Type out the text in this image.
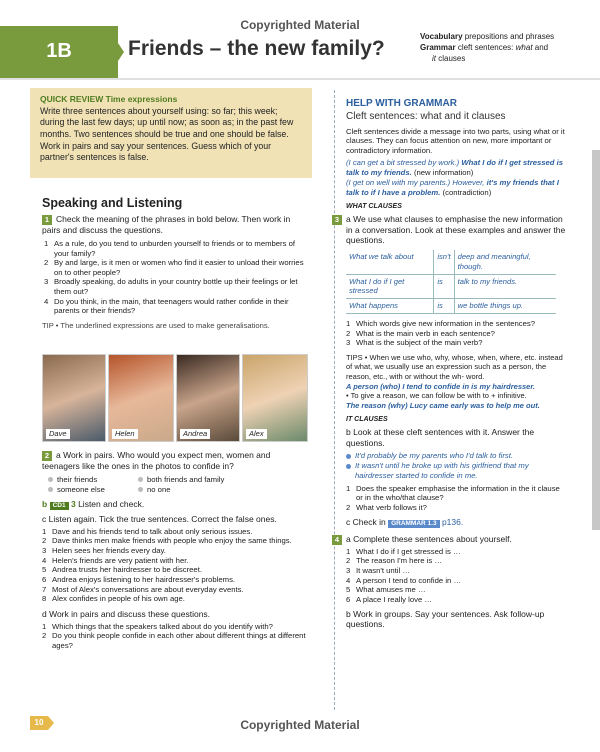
Copyrighted Material
1B	Friends – the new family?
Vocabulary prepositions and phrases
Grammar cleft sentences: what and
it clauses
QUICK REVIEW Time expressions
Write three sentences about yourself using: so far; this week; during the last few days; up until now; as soon as; in the past few months. Two sentences should be true and one should be false. Work in pairs and say your sentences. Guess which of your partner's sentences is false.
Speaking and Listening
1 Check the meaning of the phrases in bold below. Then work in pairs and discuss the questions.
1 As a rule, do you tend to unburden yourself to friends or to members of your family?
2 By and large, is it men or women who find it easier to unload their worries on to other people?
3 Broadly speaking, do adults in your country bottle up their feelings or let them out?
4 Do you think, in the main, that teenagers would rather confide in their parents or their friends?
TIP • The underlined expressions are used to make generalisations.
Dave	Helen	Andrea	Alex
2 a Work in pairs. Who would you expect men, women and teenagers like the ones in the photos to confide in?
their friends	both friends and family
someone else	no one
b CD1 3 Listen and check.
c Listen again. Tick the true sentences. Correct the false ones.
1 Dave and his friends tend to talk about only serious issues.
2 Dave thinks men make friends with people who enjoy the same things.
3 Helen sees her friends every day.
4 Helen's friends are very patient with her.
5 Andrea trusts her hairdresser to be discreet.
6 Andrea enjoys listening to her hairdresser's problems.
7 Most of Alex's conversations are about everyday events.
8 Alex confides in people of his own age.
d Work in pairs and discuss these questions.
1 Which things that the speakers talked about do you identify with?
2 Do you think people confide in each other about different things at different ages?
HELP WITH GRAMMAR
Cleft sentences: what and it clauses
Cleft sentences divide a message into two parts, using what or it clauses. They can focus attention on new, more important or contradictory information.
(I can get a bit stressed by work.) What I do if I get stressed is talk to my friends. (new information)
(I get on well with my parents.) However, it's my friends that I talk to if I have a problem. (contradiction)
WHAT CLAUSES
3 a We use what clauses to emphasise the new information in a conversation. Look at these examples and answer the questions.
What we talk about	isn't	deep and meaningful, though.
What I do if I get stressed	is	talk to my friends.
What happens	is	we bottle things up.
1 Which words give new information in the sentences?
2 What is the main verb in each sentence?
3 What is the subject of the main verb?
TIPS • When we use who, why, whose, when, where, etc. instead of what, we usually use an expression such as a person, the reason, etc., with or without the wh- word.
A person (who) I tend to confide in is my hairdresser.
• To give a reason, we can follow be with to + infinitive.
The reason (why) Lucy came early was to help me out.
IT CLAUSES
b Look at these cleft sentences with it. Answer the questions.
It'd probably be my parents who I'd talk to first.
It wasn't until he broke up with his girlfriend that my hairdresser started to confide in me.
1 Does the speaker emphasise the information in the it clause or in the who/that clause?
2 What verb follows it?
c Check in GRAMMAR 1.3 p136.
4 a Complete these sentences about yourself.
1 What I do if I get stressed is …
2 The reason I'm here is …
3 It wasn't until …
4 A person I tend to confide in …
5 What amuses me …
6 A place I really love …
b Work in groups. Say your sentences. Ask follow-up questions.
10	Copyrighted Material
